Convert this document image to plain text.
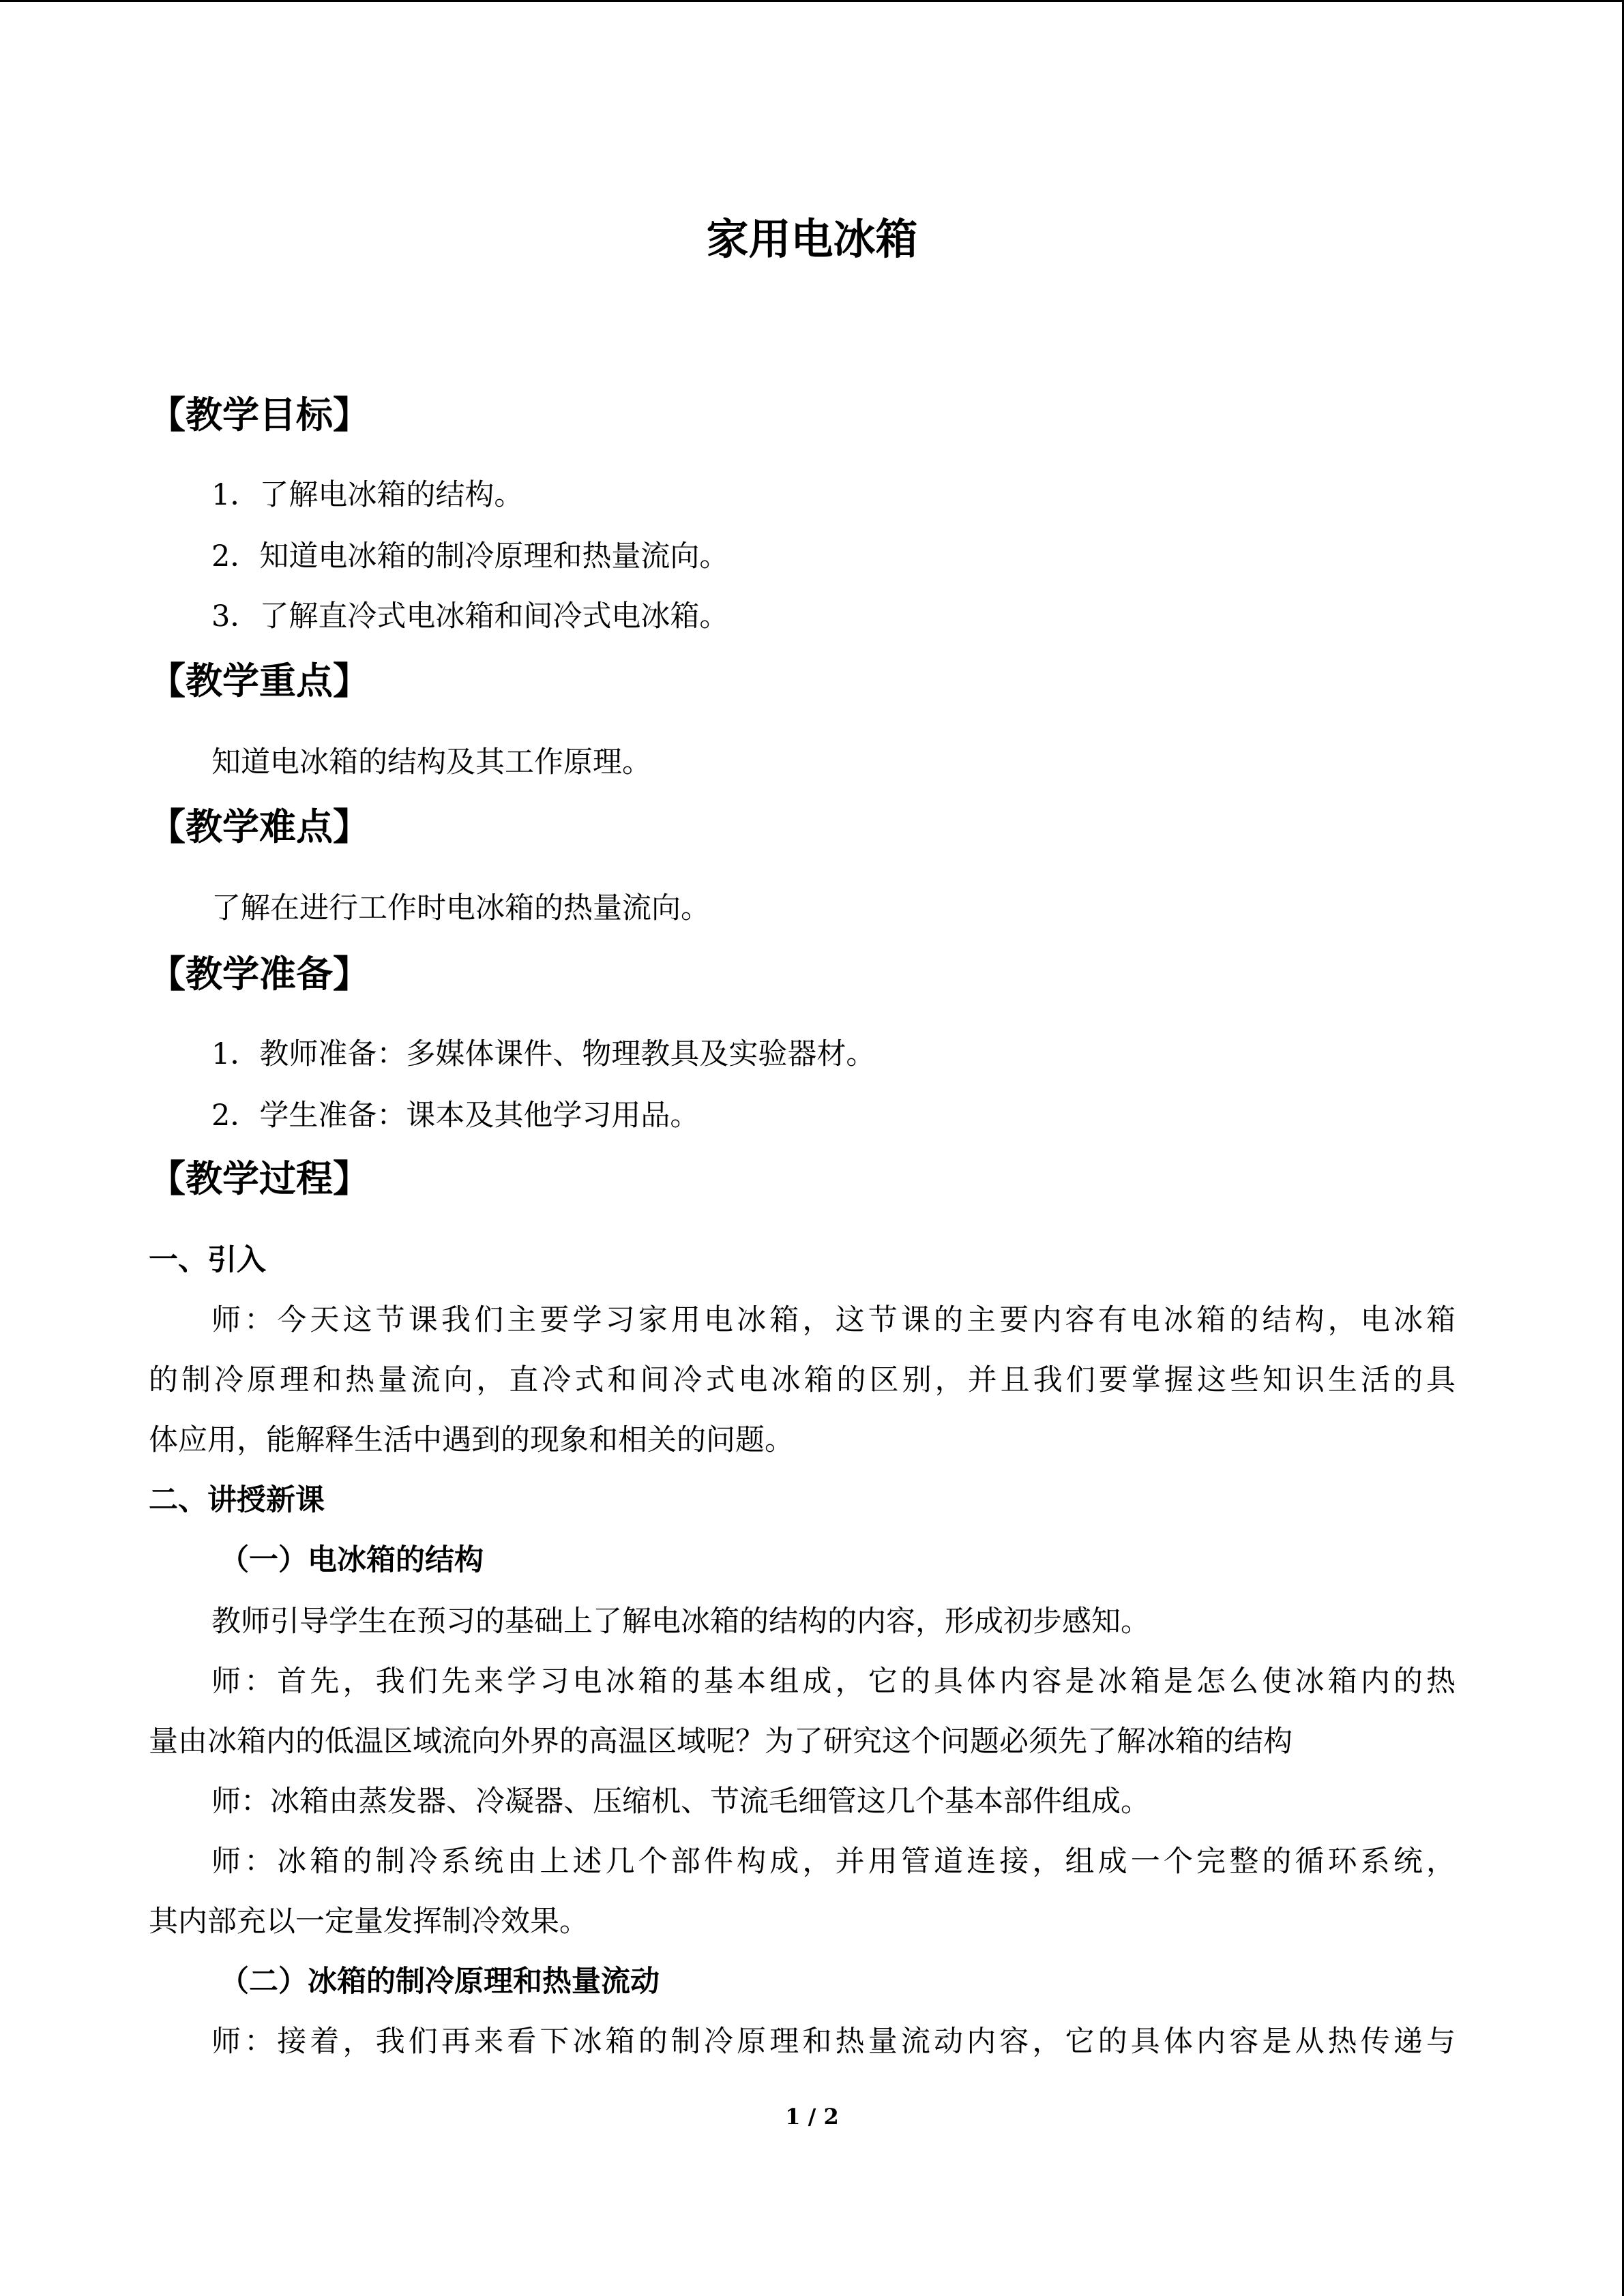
家用电冰箱
【教学目标】
1．了解电冰箱的结构。
2．知道电冰箱的制冷原理和热量流向。
3．了解直冷式电冰箱和间冷式电冰箱。
【教学重点】
知道电冰箱的结构及其工作原理。
【教学难点】
了解在进行工作时电冰箱的热量流向。
【教学准备】
1．教师准备：多媒体课件、物理教具及实验器材。
2．学生准备：课本及其他学习用品。
【教学过程】
一、引入
师：今天这节课我们主要学习家用电冰箱，这节课的主要内容有电冰箱的结构，电冰箱
的制冷原理和热量流向，直冷式和间冷式电冰箱的区别，并且我们要掌握这些知识生活的具
体应用，能解释生活中遇到的现象和相关的问题。
二、讲授新课
（一）电冰箱的结构
教师引导学生在预习的基础上了解电冰箱的结构的内容，形成初步感知。
师：首先，我们先来学习电冰箱的基本组成，它的具体内容是冰箱是怎么使冰箱内的热
量由冰箱内的低温区域流向外界的高温区域呢？为了研究这个问题必须先了解冰箱的结构
师：冰箱由蒸发器、冷凝器、压缩机、节流毛细管这几个基本部件组成。
师：冰箱的制冷系统由上述几个部件构成，并用管道连接，组成一个完整的循环系统，
其内部充以一定量发挥制冷效果。
（二）冰箱的制冷原理和热量流动
师：接着，我们再来看下冰箱的制冷原理和热量流动内容，它的具体内容是从热传递与
1 / 2
